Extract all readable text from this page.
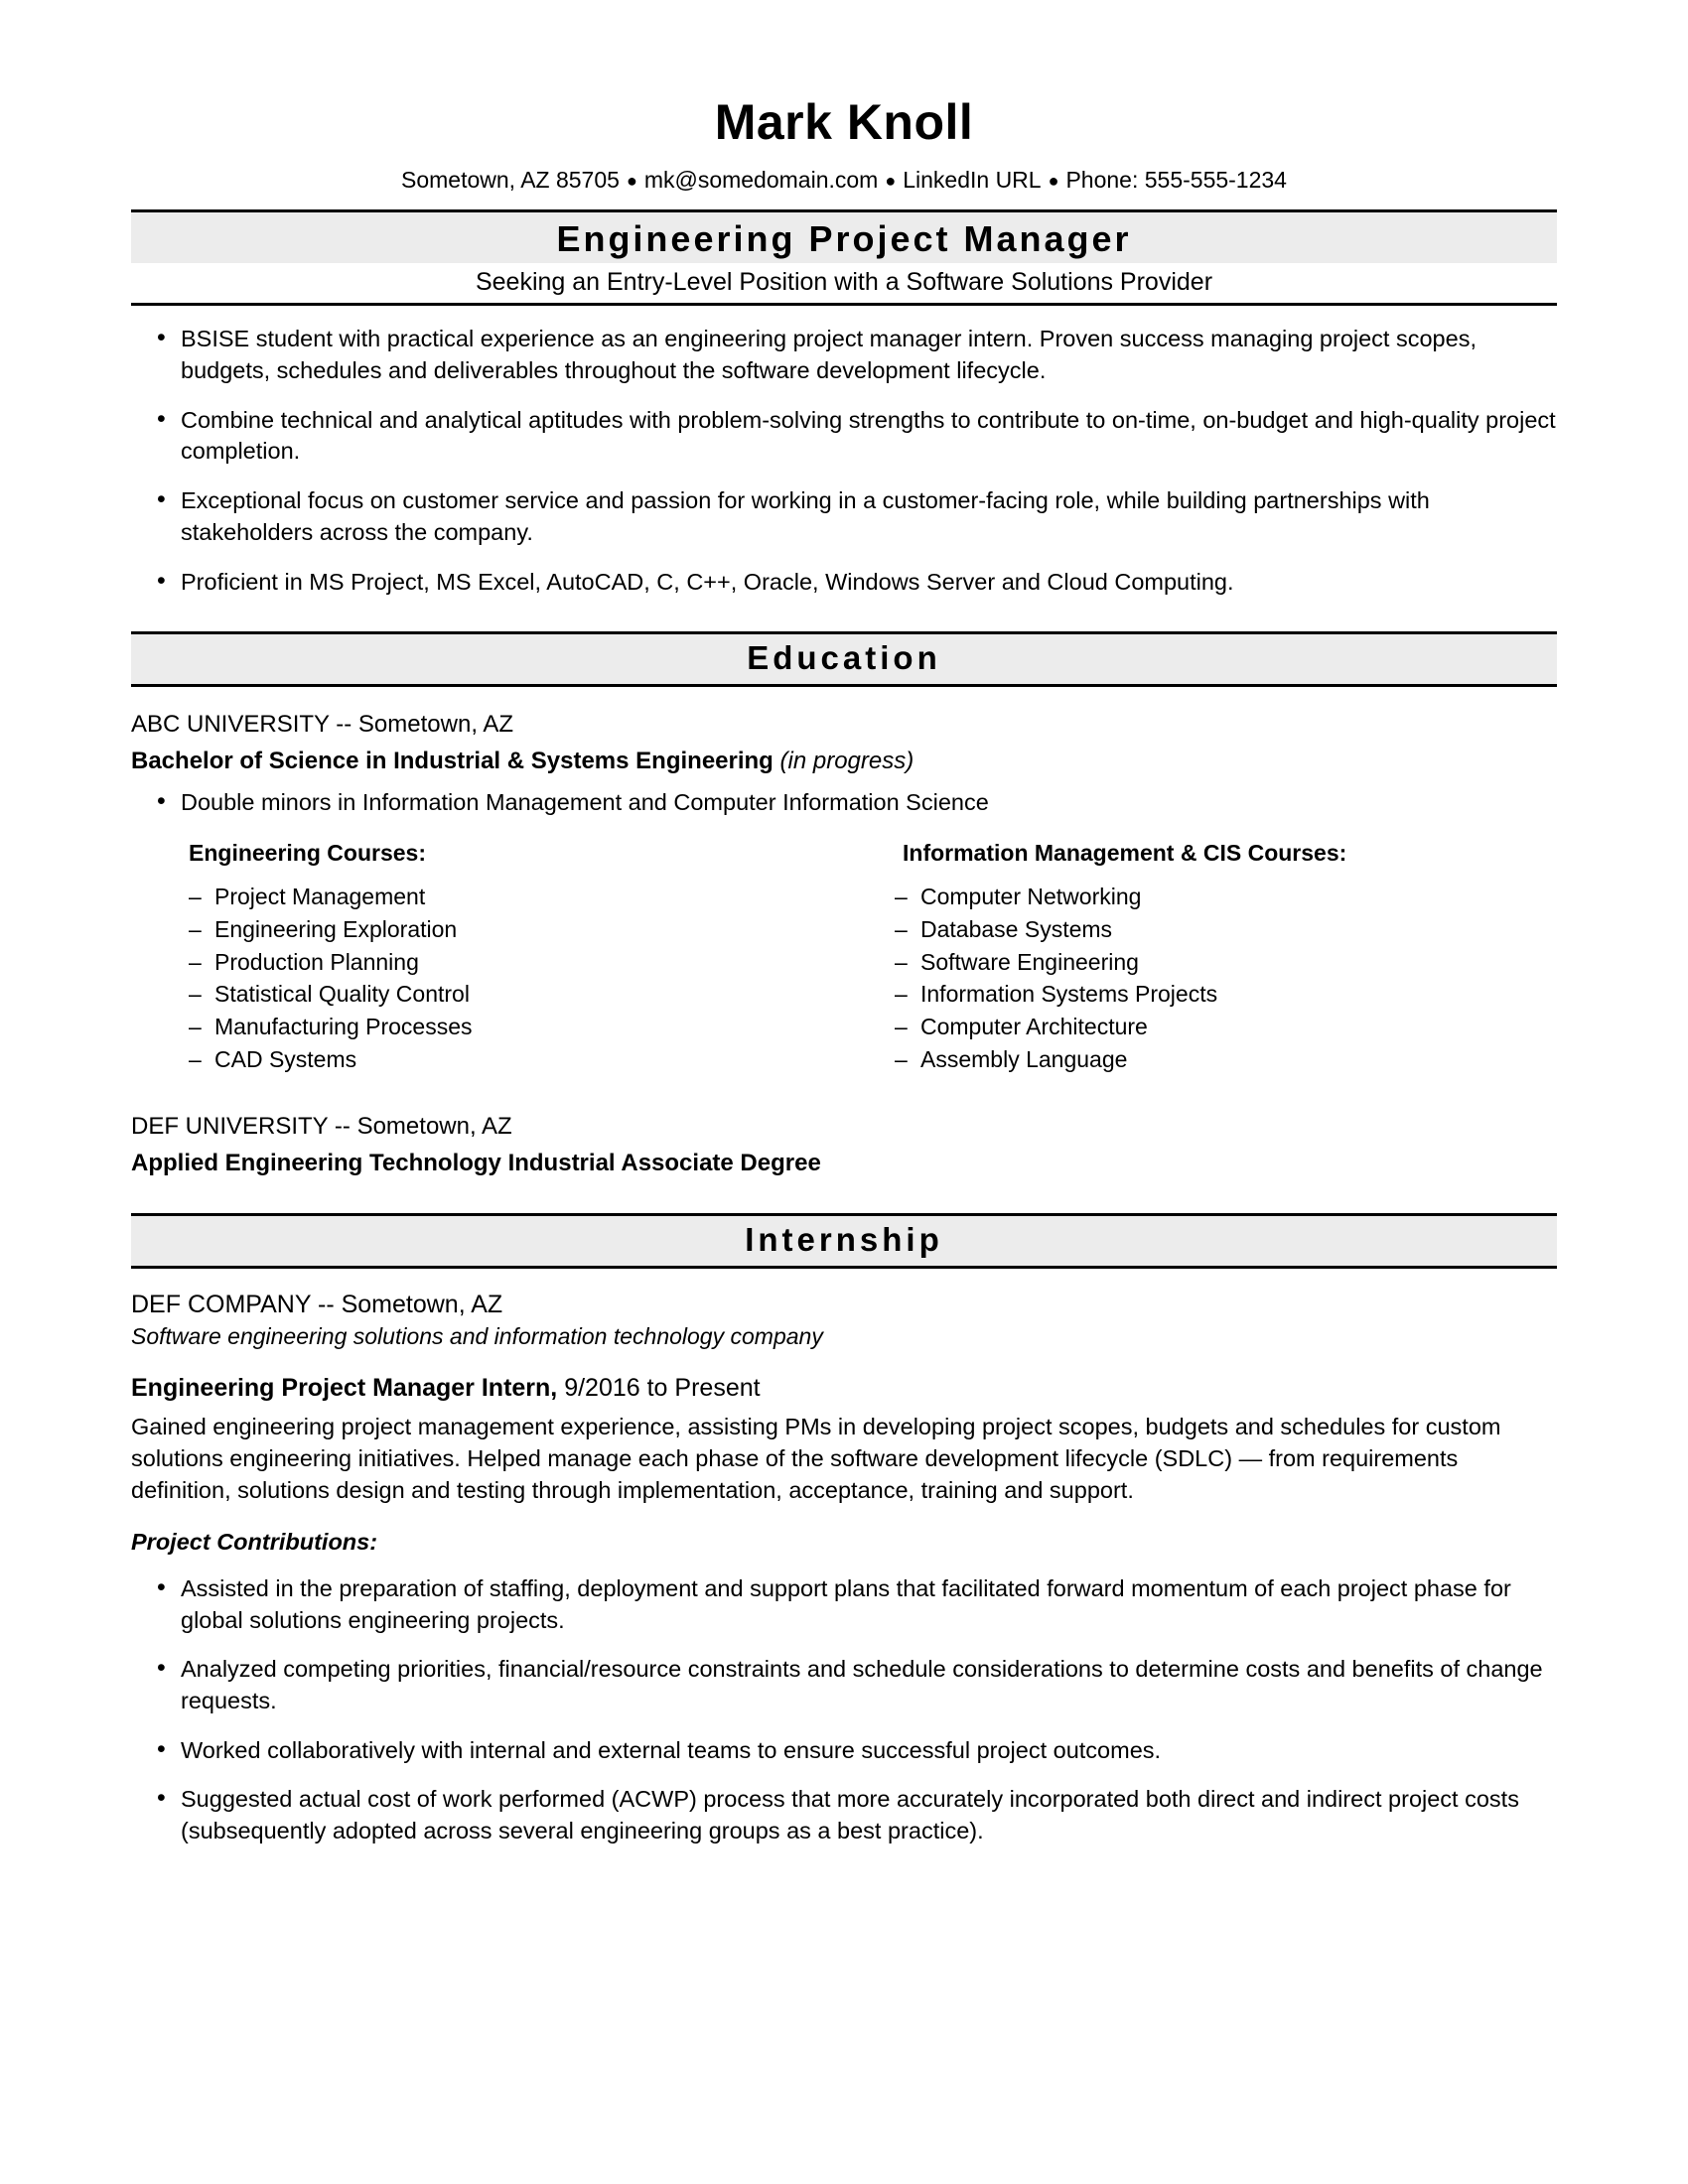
Mark Knoll
Sometown, AZ 85705 ● mk@somedomain.com ● LinkedIn URL ● Phone: 555-555-1234
Engineering Project Manager
Seeking an Entry-Level Position with a Software Solutions Provider
• BSISE student with practical experience as an engineering project manager intern. Proven success managing project scopes, budgets, schedules and deliverables throughout the software development lifecycle.
• Combine technical and analytical aptitudes with problem-solving strengths to contribute to on-time, on-budget and high-quality project completion.
• Exceptional focus on customer service and passion for working in a customer-facing role, while building partnerships with stakeholders across the company.
• Proficient in MS Project, MS Excel, AutoCAD, C, C++, Oracle, Windows Server and Cloud Computing.
Education
ABC UNIVERSITY -- Sometown, AZ
Bachelor of Science in Industrial & Systems Engineering (in progress)
• Double minors in Information Management and Computer Information Science
Engineering Courses:
– Project Management
– Engineering Exploration
– Production Planning
– Statistical Quality Control
– Manufacturing Processes
– CAD Systems
Information Management & CIS Courses:
– Computer Networking
– Database Systems
– Software Engineering
– Information Systems Projects
– Computer Architecture
– Assembly Language
DEF UNIVERSITY -- Sometown, AZ
Applied Engineering Technology Industrial Associate Degree
Internship
DEF COMPANY -- Sometown, AZ
Software engineering solutions and information technology company
Engineering Project Manager Intern, 9/2016 to Present
Gained engineering project management experience, assisting PMs in developing project scopes, budgets and schedules for custom solutions engineering initiatives. Helped manage each phase of the software development lifecycle (SDLC) — from requirements definition, solutions design and testing through implementation, acceptance, training and support.
Project Contributions:
• Assisted in the preparation of staffing, deployment and support plans that facilitated forward momentum of each project phase for global solutions engineering projects.
• Analyzed competing priorities, financial/resource constraints and schedule considerations to determine costs and benefits of change requests.
• Worked collaboratively with internal and external teams to ensure successful project outcomes.
• Suggested actual cost of work performed (ACWP) process that more accurately incorporated both direct and indirect project costs (subsequently adopted across several engineering groups as a best practice).
